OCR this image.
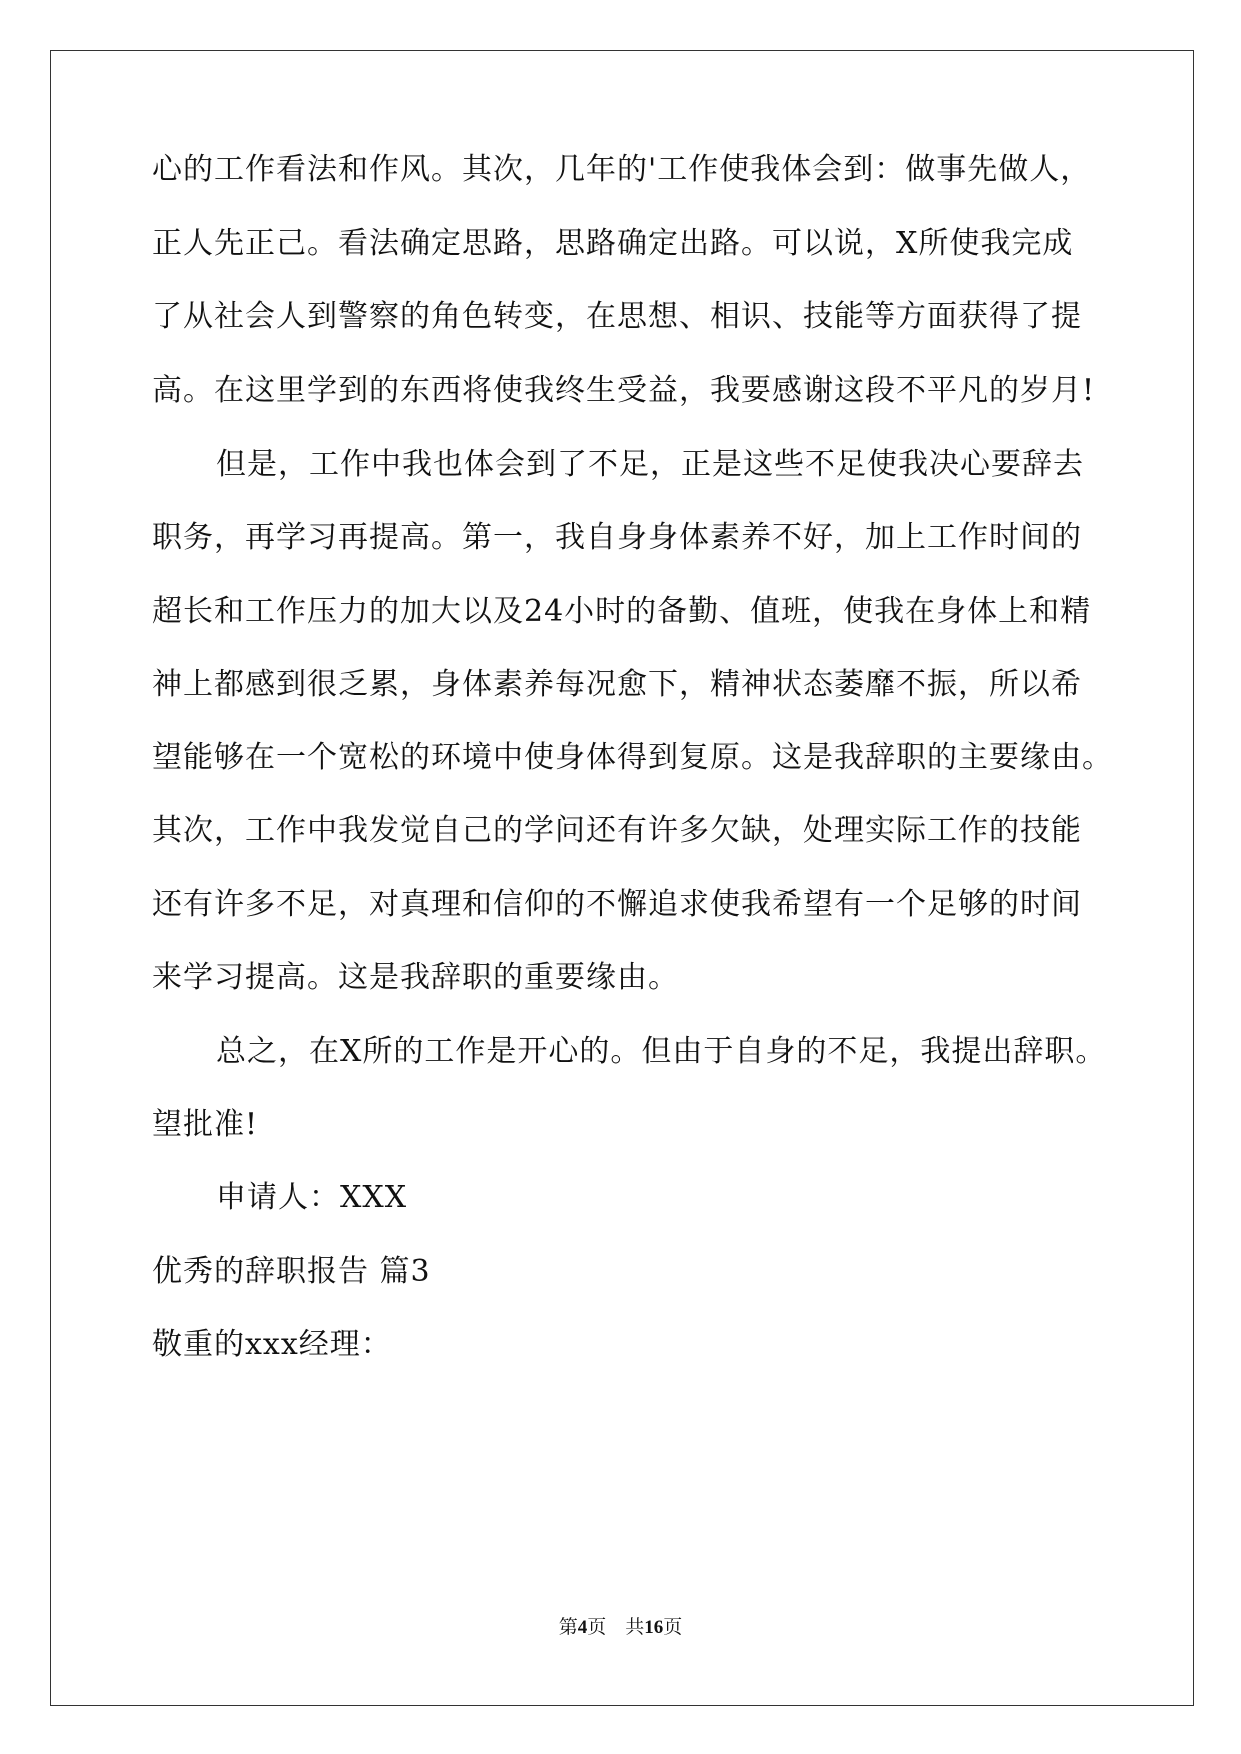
心的工作看法和作风。其次，几年的'工作使我体会到：做事先做人，
正人先正己。看法确定思路，思路确定出路。可以说，X所使我完成
了从社会人到警察的角色转变，在思想、相识、技能等方面获得了提
高。在这里学到的东西将使我终生受益，我要感谢这段不平凡的岁月!
但是，工作中我也体会到了不足，正是这些不足使我决心要辞去
职务，再学习再提高。第一，我自身身体素养不好，加上工作时间的
超长和工作压力的加大以及24小时的备勤、值班，使我在身体上和精
神上都感到很乏累，身体素养每况愈下，精神状态萎靡不振，所以希
望能够在一个宽松的环境中使身体得到复原。这是我辞职的主要缘由。
其次，工作中我发觉自己的学问还有许多欠缺，处理实际工作的技能
还有许多不足，对真理和信仰的不懈追求使我希望有一个足够的时间
来学习提高。这是我辞职的重要缘由。
总之，在X所的工作是开心的。但由于自身的不足，我提出辞职。
望批准!
申请人：XXX
优秀的辞职报告 篇3
敬重的xxx经理：
第4页 共16页
